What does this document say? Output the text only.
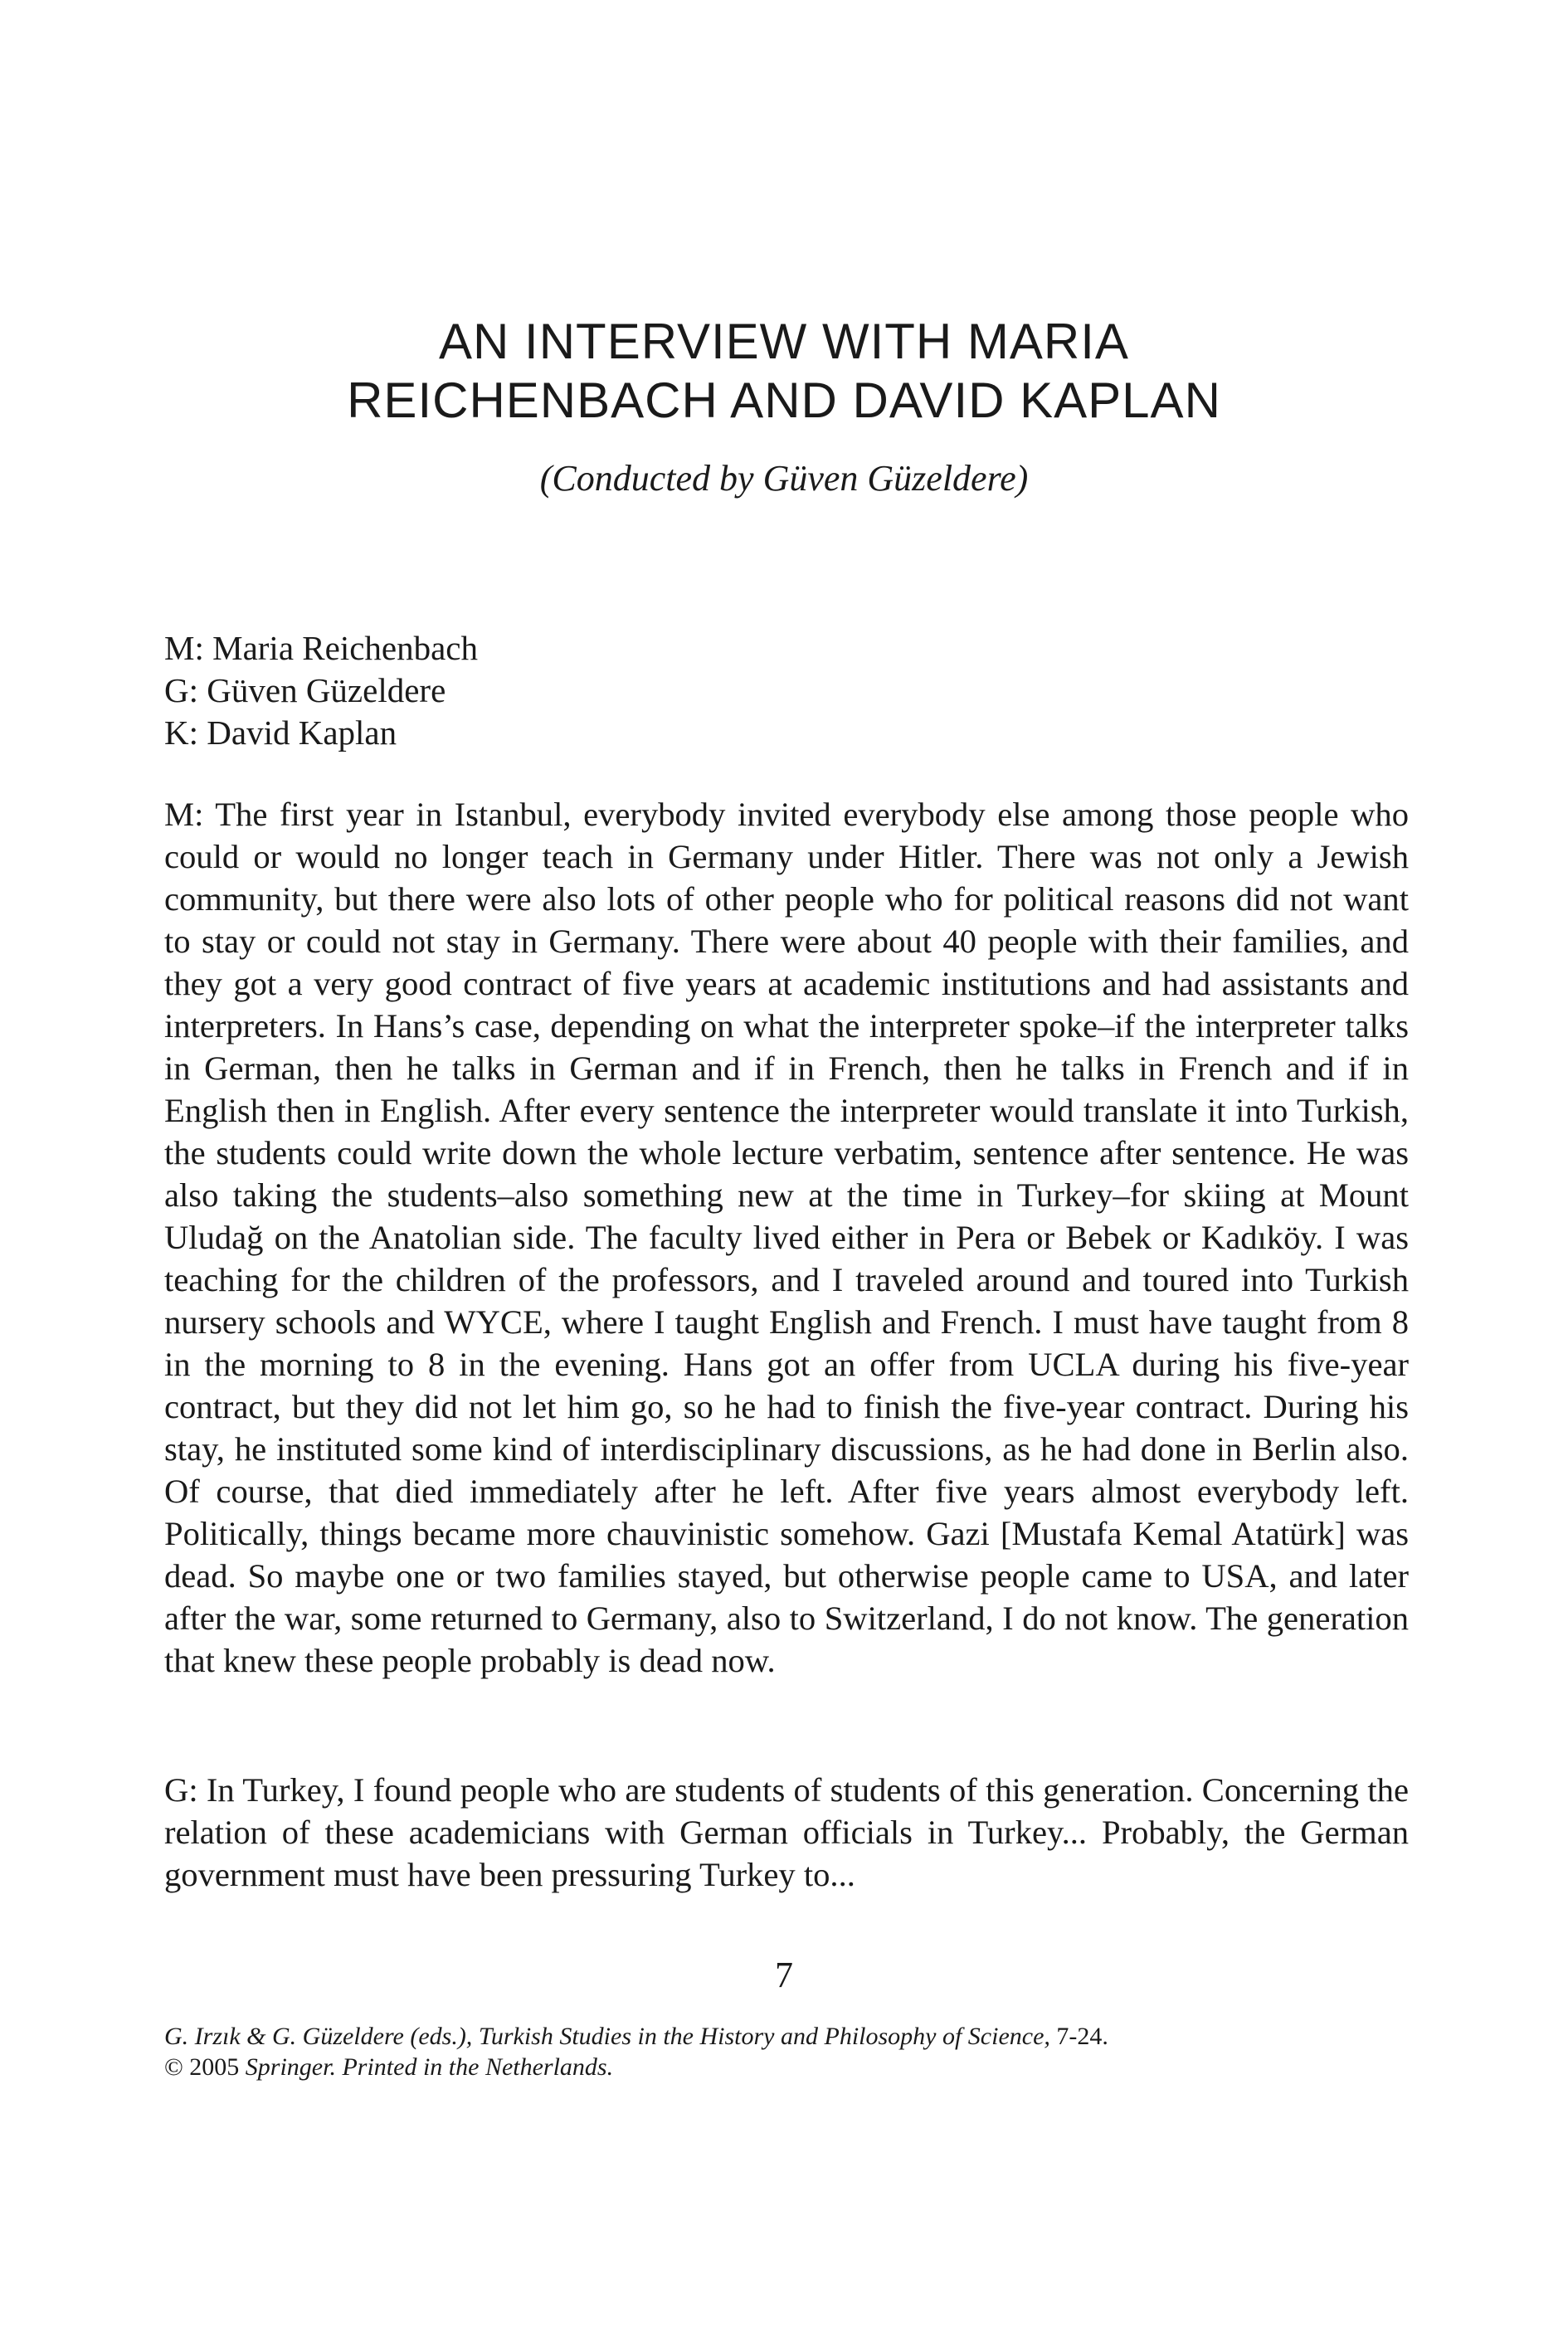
AN INTERVIEW WITH MARIA
REICHENBACH AND DAVID KAPLAN
(Conducted by Güven Güzeldere)
M: Maria Reichenbach
G: Güven Güzeldere
K: David Kaplan

M: The first year in Istanbul, everybody invited everybody else among those people who could or would no longer teach in Germany under Hitler. There was not only a Jewish community, but there were also lots of other people who for political reasons did not want to stay or could not stay in Germany. There were about 40 people with their families, and they got a very good contract of five years at academic institutions and had assistants and interpreters. In Hans’s case, depending on what the interpreter spoke–if the interpreter talks in German, then he talks in German and if in French, then he talks in French and if in English then in English. After every sentence the interpreter would translate it into Turkish, the students could write down the whole lecture verbatim, sentence after sentence. He was also taking the students–also something new at the time in Turkey–for skiing at Mount Uludağ on the Anatolian side. The faculty lived either in Pera or Bebek or Kadıköy. I was teaching for the children of the professors, and I traveled around and toured into Turkish nursery schools and WYCE, where I taught English and French. I must have taught from 8 in the morning to 8 in the evening. Hans got an offer from UCLA during his five-year contract, but they did not let him go, so he had to finish the five-year contract. During his stay, he instituted some kind of interdisciplinary discussions, as he had done in Berlin also. Of course, that died immediately after he left. After five years almost everybody left. Politically, things became more chauvinistic somehow. Gazi [Mustafa Kemal Atatürk] was dead. So maybe one or two families stayed, but otherwise people came to USA, and later after the war, some returned to Germany, also to Switzerland, I do not know. The generation that knew these people probably is dead now.

G: In Turkey, I found people who are students of students of this generation. Concerning the relation of these academicians with German officials in Turkey... Probably, the German government must have been pressuring Turkey to...

7
G. Irzık & G. Güzeldere (eds.), Turkish Studies in the History and Philosophy of Science, 7-24.
© 2005 Springer. Printed in the Netherlands.
